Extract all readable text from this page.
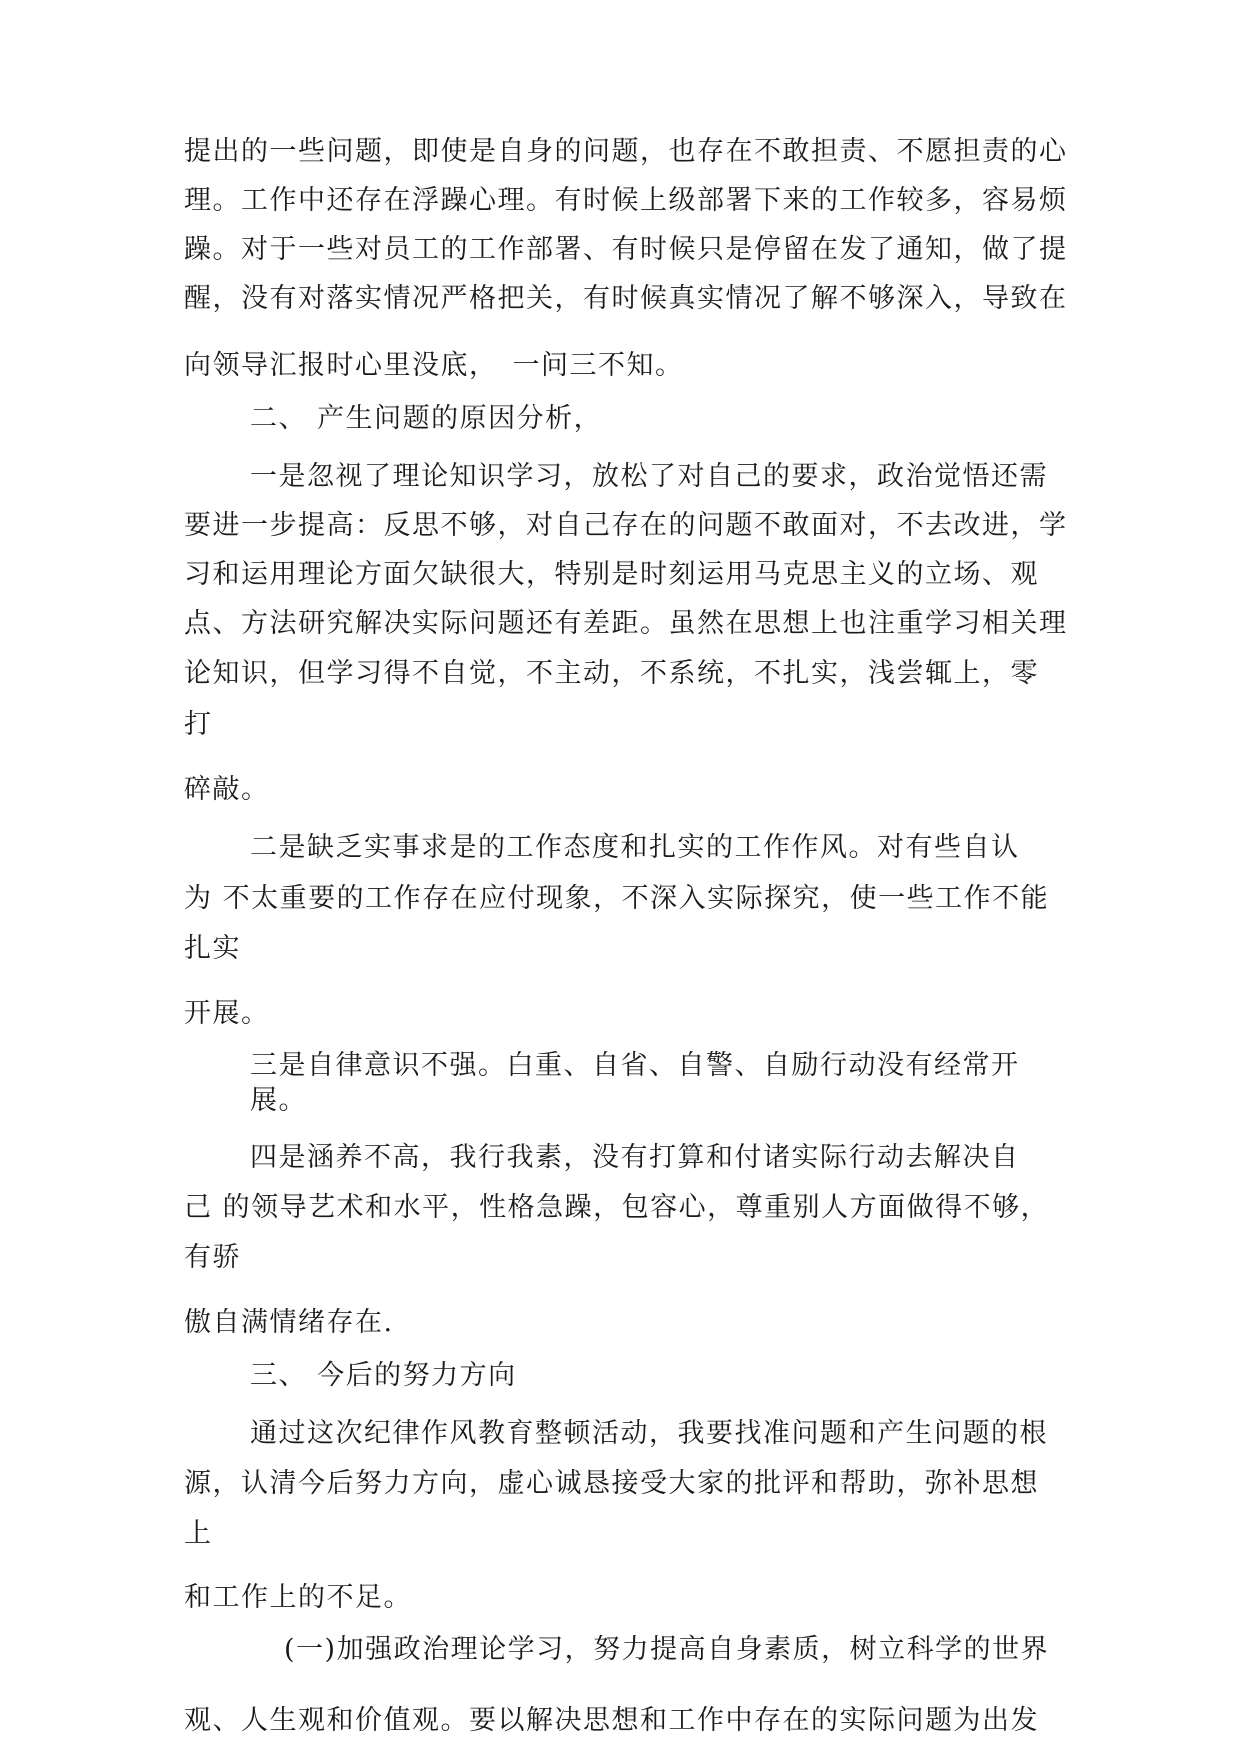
提出的一些问题，即使是自身的问题，也存在不敢担责、不愿担责的心

理。工作中还存在浮躁心理。有时候上级部署下来的工作较多，容易烦

躁。对于一些对员工的工作部署、有时候只是停留在发了通知，做了提

醒，没有对落实情况严格把关，有时候真实情况了解不够深入，导致在

向领导汇报时心里没底，　一问三不知。

二、 产生问题的原因分析，

一是忽视了理论知识学习，放松了对自己的要求，政治觉悟还需

要进一步提高：反思不够，对自己存在的问题不敢面对，不去改进，学

习和运用理论方面欠缺很大，特别是时刻运用马克思主义的立场、观

点、方法研究解决实际问题还有差距。虽然在思想上也注重学习相关理

论知识，但学习得不自觉，不主动，不系统，不扎实，浅尝辄上，零

打

碎敲。

二是缺乏实事求是的工作态度和扎实的工作作风。对有些自认

为 不太重要的工作存在应付现象，不深入实际探究，使一些工作不能

扎实

开展。

三是自律意识不强。白重、自省、自警、自励行动没有经常开

展。

四是涵养不高，我行我素，没有打算和付诸实际行动去解决自

己 的领导艺术和水平，性格急躁，包容心，尊重别人方面做得不够，

有骄

傲自满情绪存在.

三、 今后的努力方向

通过这次纪律作风教育整顿活动，我要找准问题和产生问题的根

源，认清今后努力方向，虚心诚恳接受大家的批评和帮助，弥补思想

上

和工作上的不足。

(一)加强政治理论学习，努力提高自身素质，树立科学的世界

观、人生观和价值观。要以解决思想和工作中存在的实际问题为出发
